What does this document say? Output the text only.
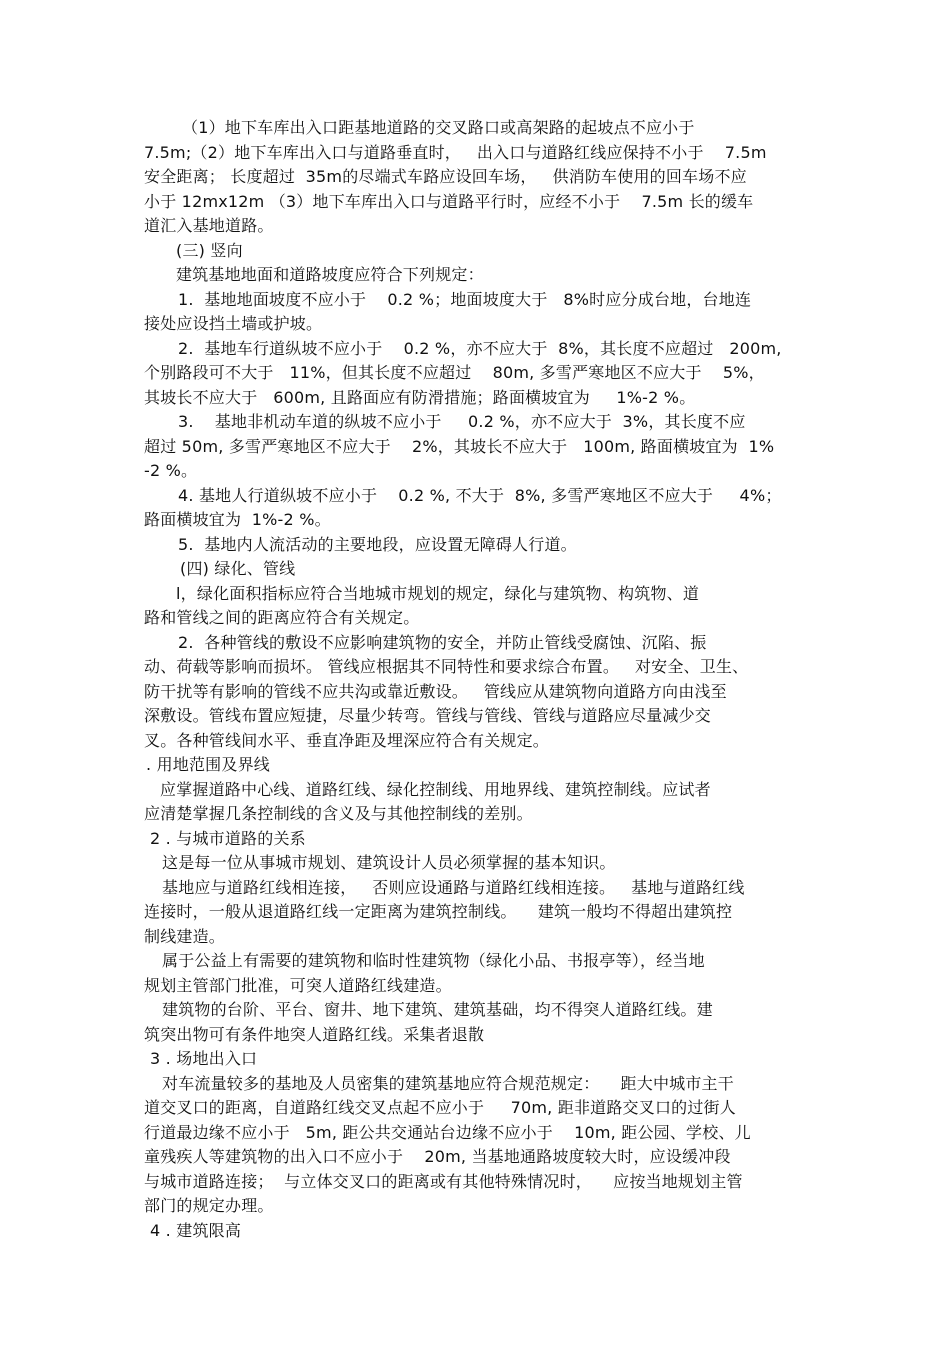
（1）地下车库出入口距基地道路的交叉路口或高架路的起坡点不应小于
7.5m;（2）地下车库出入口与道路垂直时，   出入口与道路红线应保持不小于    7.5m
安全距离； 长度超过  35m的尽端式车路应设回车场，   供消防车使用的回车场不应
小于 12mx12m （3）地下车库出入口与道路平行时，应经不小于    7.5m 长的缓车
道汇入基地道路。
(三) 竖向
建筑基地地面和道路坡度应符合下列规定：
1.  基地地面坡度不应小于    0.2 %；地面坡度大于   8%时应分成台地，台地连
接处应设挡土墙或护坡。
2.  基地车行道纵坡不应小于    0.2 %，亦不应大于  8%，其长度不应超过   200m,
个别路段可不大于   11%，但其长度不应超过    80m, 多雪严寒地区不应大于    5%，
其坡长不应大于   600m, 且路面应有防滑措施；路面横坡宜为     1%-2 %。
3.    基地非机动车道的纵坡不应小于     0.2 %，亦不应大于  3%，其长度不应
超过 50m, 多雪严寒地区不应大于    2%，其坡长不应大于   100m, 路面横坡宜为  1%
-2 %。
4. 基地人行道纵坡不应小于    0.2 %, 不大于  8%, 多雪严寒地区不应大于     4%；
路面横坡宜为  1%-2 %。
5.  基地内人流活动的主要地段，应设置无障碍人行道。
(四) 绿化、管线
l，绿化面积指标应符合当地城市规划的规定，绿化与建筑物、构筑物、道
路和管线之间的距离应符合有关规定。
2.  各种管线的敷设不应影响建筑物的安全，并防止管线受腐蚀、沉陷、振
动、荷载等影响而损坏。 管线应根据其不同特性和要求综合布置。   对安全、卫生、
防干扰等有影响的管线不应共沟或靠近敷设。   管线应从建筑物向道路方向由浅至
深敷设。管线布置应短捷，尽量少转弯。管线与管线、管线与道路应尽量减少交
叉。各种管线间水平、垂直净距及埋深应符合有关规定。
. 用地范围及界线
应掌握道路中心线、道路红线、绿化控制线、用地界线、建筑控制线。应试者
应清楚掌握几条控制线的含义及与其他控制线的差别。
2 . 与城市道路的关系
这是每一位从事城市规划、建筑设计人员必须掌握的基本知识。
基地应与道路红线相连接，   否则应设通路与道路红线相连接。   基地与道路红线
连接时，一般从退道路红线一定距离为建筑控制线。    建筑一般均不得超出建筑控
制线建造。
属于公益上有需要的建筑物和临时性建筑物（绿化小品、书报亭等），经当地
规划主管部门批准，可突人道路红线建造。
建筑物的台阶、平台、窗井、地下建筑、建筑基础，均不得突人道路红线。建
筑突出物可有条件地突人道路红线。采集者退散
3 . 场地出入口
对车流量较多的基地及人员密集的建筑基地应符合规范规定：    距大中城市主干
道交叉口的距离，自道路红线交叉点起不应小于     70m, 距非道路交叉口的过街人
行道最边缘不应小于   5m, 距公共交通站台边缘不应小于    10m, 距公园、学校、儿
童残疾人等建筑物的出入口不应小于    20m, 当基地通路坡度较大时，应设缓冲段
与城市道路连接；  与立体交叉口的距离或有其他特殊情况时，    应按当地规划主管
部门的规定办理。
4 . 建筑限高
